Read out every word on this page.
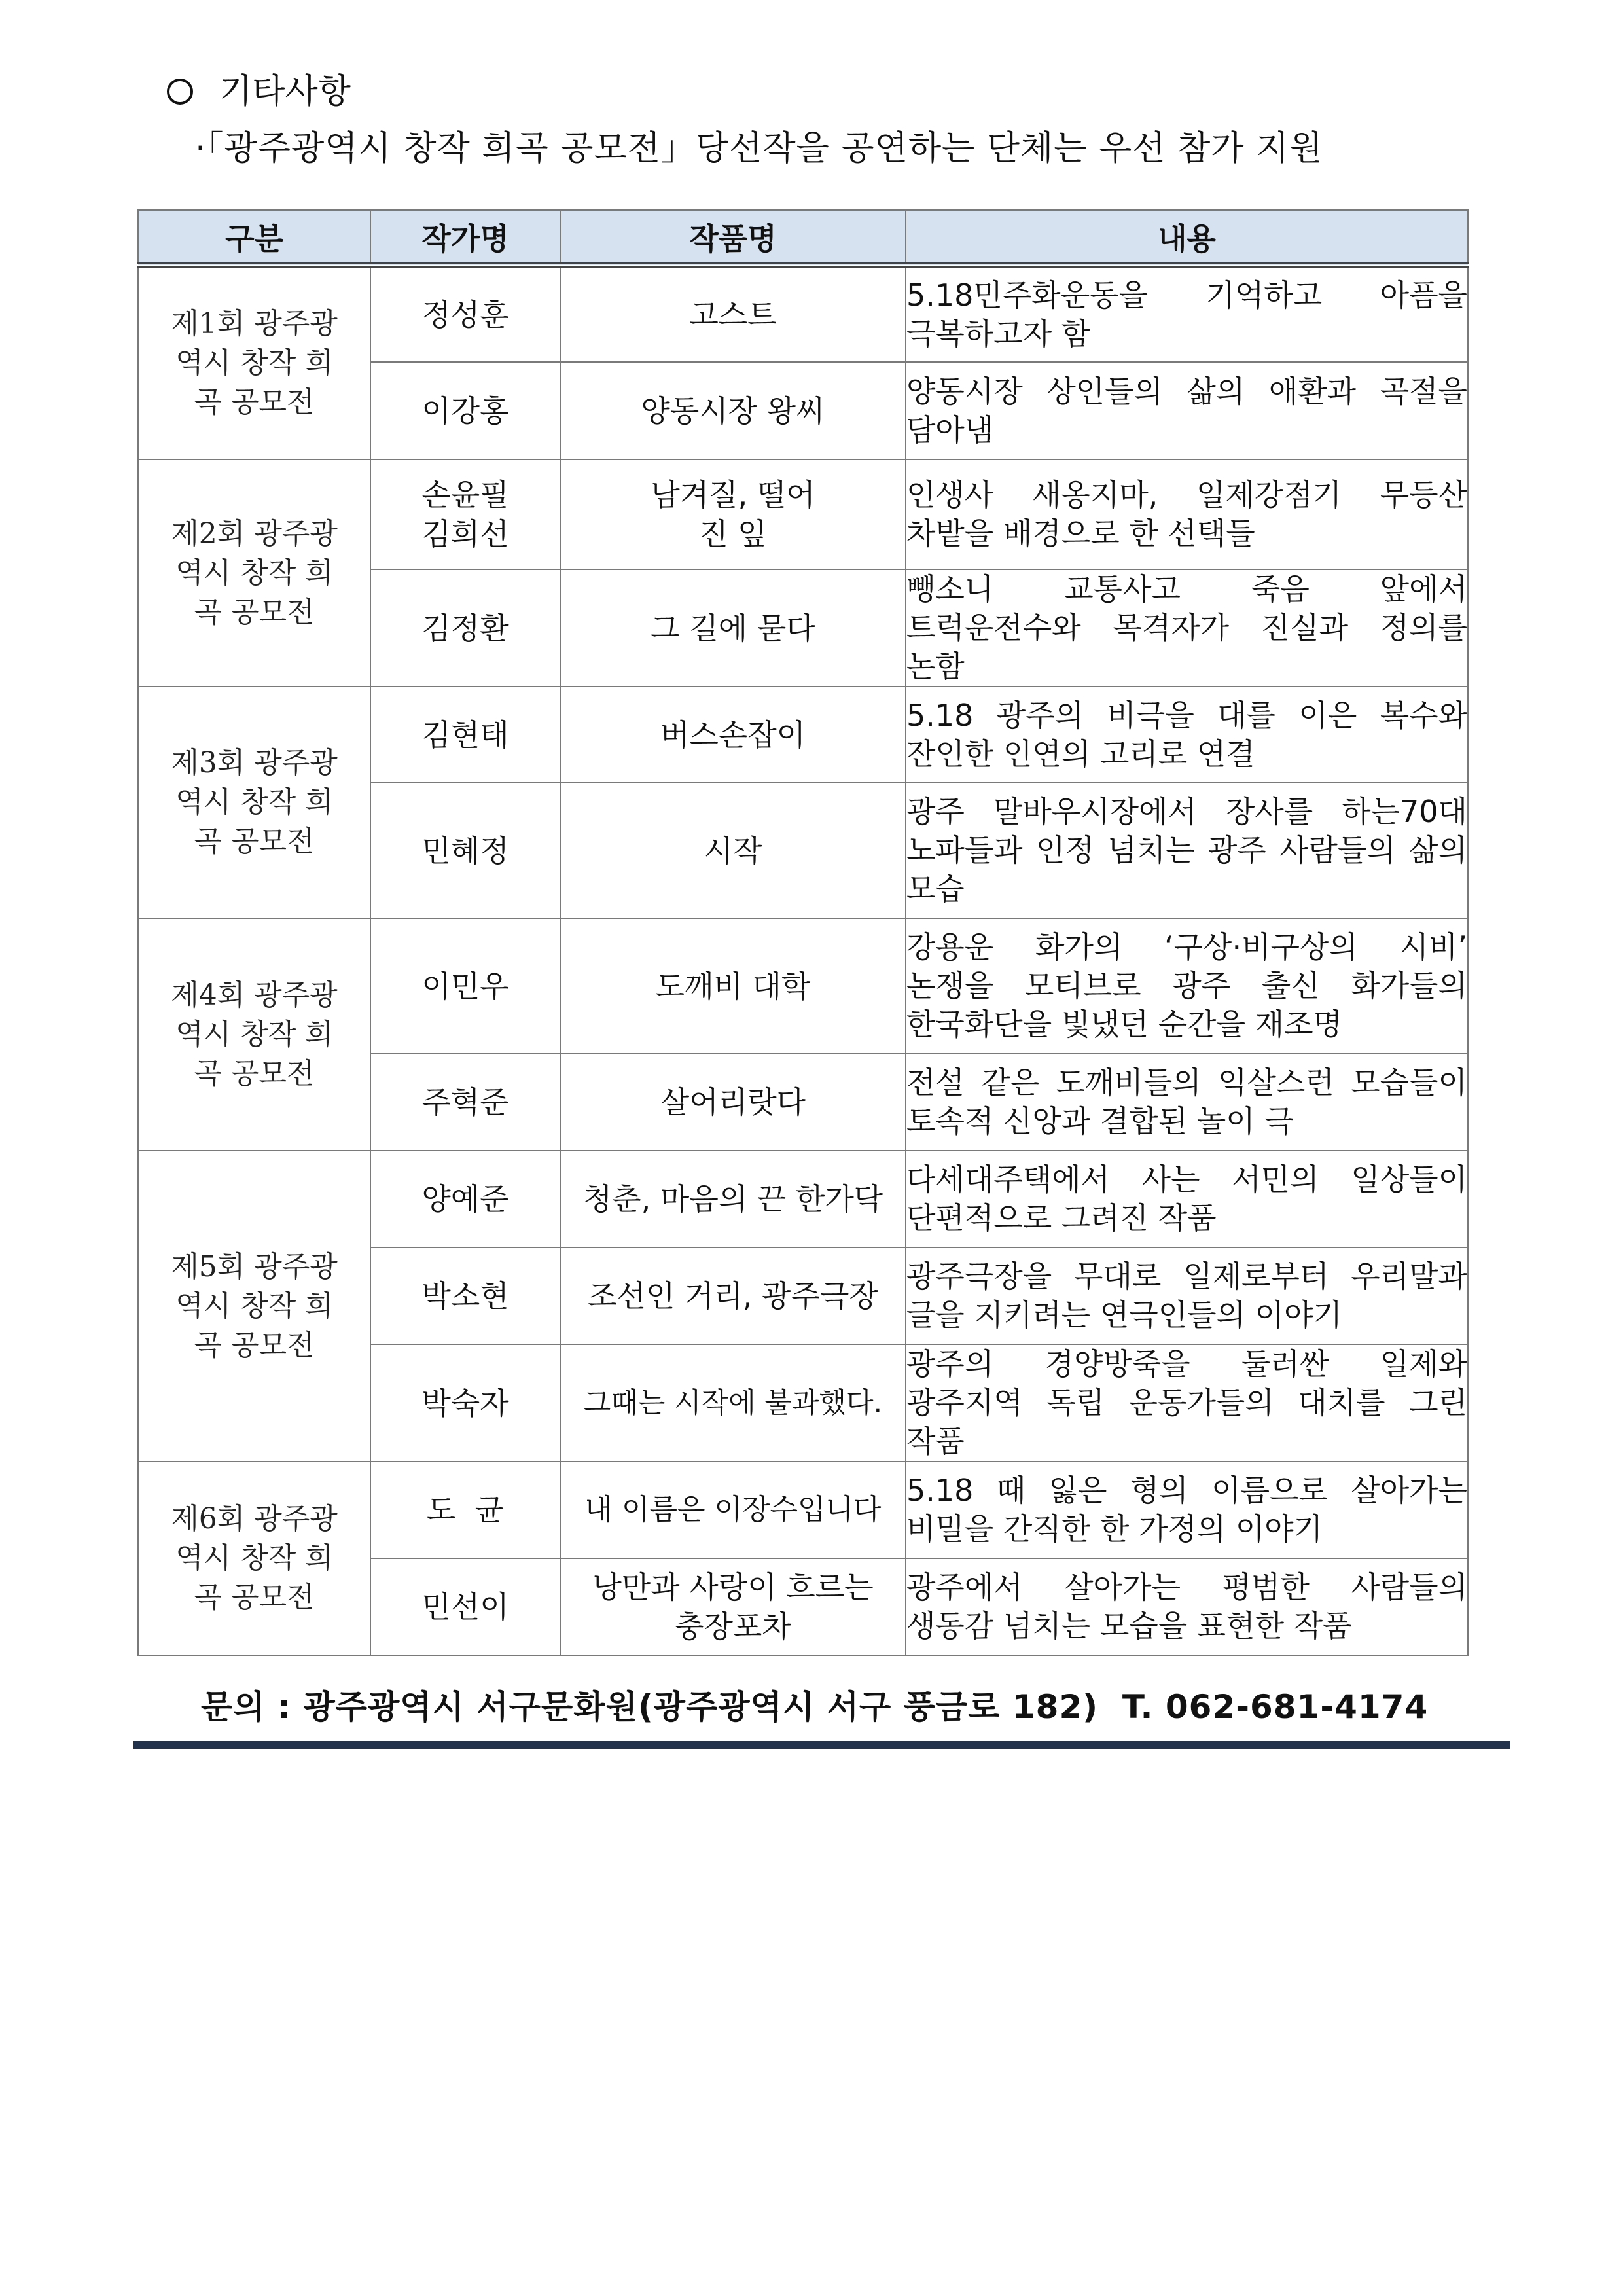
기타사항
·「광주광역시 창작 희곡 공모전」당선작을 공연하는 단체는 우선 참가 지원
구분	작가명	작품명	내용

제1회 광주광역시 창작 희곡 공모전	정성훈	고스트	5.18민주화운동을 기억하고 아픔을 극복하고자 함
	이강홍	양동시장 왕씨	양동시장 상인들의 삶의 애환과 곡절을 담아냄

제2회 광주광역시 창작 희곡 공모전	손윤필 김희선	남겨질, 떨어진 잎	인생사 새옹지마, 일제강점기 무등산 차밭을 배경으로 한 선택들
	김정환	그 길에 묻다	뺑소니 교통사고 죽음 앞에서 트럭운전수와 목격자가 진실과 정의를 논함

제3회 광주광역시 창작 희곡 공모전	김현태	버스손잡이	5.18 광주의 비극을 대를 이은 복수와 잔인한 인연의 고리로 연결
	민혜정	시작	광주 말바우시장에서 장사를 하는70대 노파들과 인정 넘치는 광주 사람들의 삶의 모습

제4회 광주광역시 창작 희곡 공모전	이민우	도깨비 대학	강용운 화가의 ‘구상·비구상의 시비’ 논쟁을 모티브로 광주 출신 화가들의 한국화단을 빛냈던 순간을 재조명
	주혁준	살어리랏다	전설 같은 도깨비들의 익살스런 모습들이 토속적 신앙과 결합된 놀이 극

제5회 광주광역시 창작 희곡 공모전	양예준	청춘, 마음의 끈 한가닥	다세대주택에서 사는 서민의 일상들이 단편적으로 그려진 작품
	박소현	조선인 거리, 광주극장	광주극장을 무대로 일제로부터 우리말과 글을 지키려는 연극인들의 이야기
	박숙자	그때는 시작에 불과했다.	광주의 경양방죽을 둘러싼 일제와 광주지역 독립 운동가들의 대치를 그린 작품

제6회 광주광역시 창작 희곡 공모전	도  균	내 이름은 이장수입니다	5.18 때 잃은 형의 이름으로 살아가는 비밀을 간직한 한 가정의 이야기
	민선이	낭만과 사랑이 흐르는 충장포차	광주에서 살아가는 평범한 사람들의 생동감 넘치는 모습을 표현한 작품
문의 : 광주광역시 서구문화원(광주광역시 서구 풍금로 182)  T. 062-681-4174
